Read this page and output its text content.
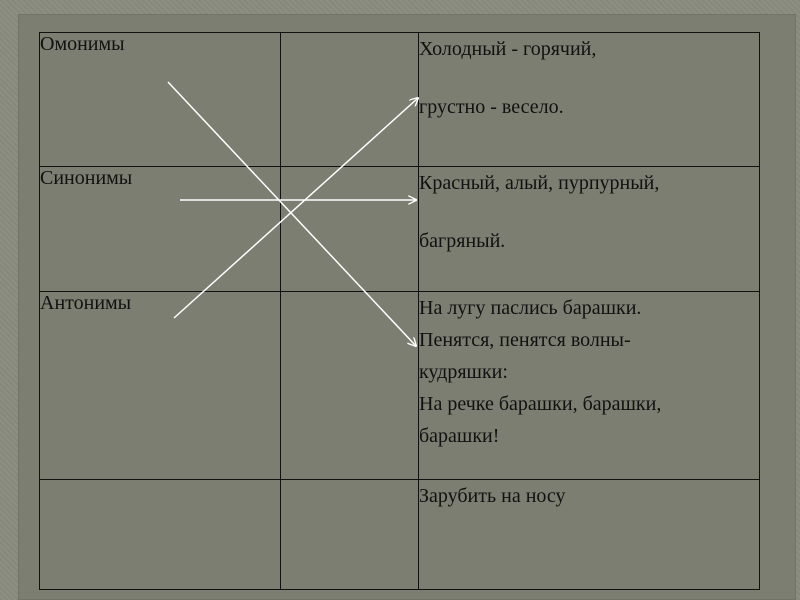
Омонимы		Холодный - горячий,
грустно - весело.

Синонимы		Красный, алый, пурпурный,
багряный.

Антонимы		На лугу паслись барашки.
Пенятся, пенятся волны-
кудряшки:
На речке барашки, барашки,
барашки!

		Зарубить на носу
